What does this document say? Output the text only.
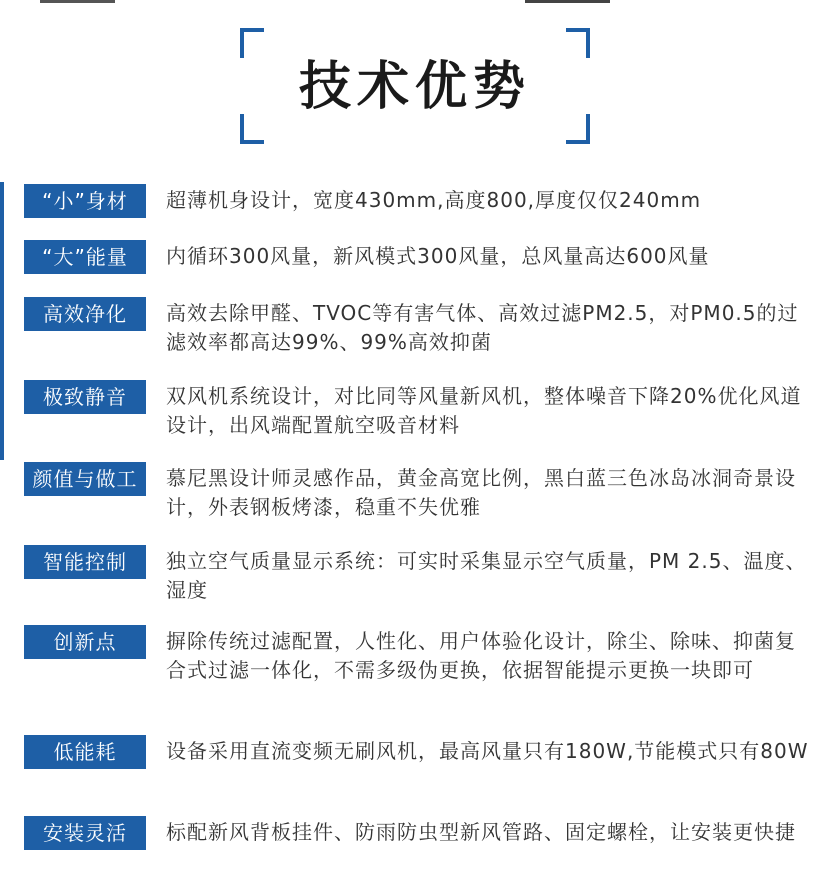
技术优势
“小”身材	超薄机身设计，宽度430mm,高度800,厚度仅仅240mm
“大”能量	内循环300风量，新风模式300风量，总风量高达600风量
高效净化	高效去除甲醛、TVOC等有害气体、高效过滤PM2.5，对PM0.5的过滤效率都高达99%、99%高效抑菌
极致静音	双风机系统设计，对比同等风量新风机，整体噪音下降20%优化风道设计，出风端配置航空吸音材料
颜值与做工	慕尼黑设计师灵感作品，黄金高宽比例，黑白蓝三色冰岛冰洞奇景设计，外表钢板烤漆，稳重不失优雅
智能控制	独立空气质量显示系统：可实时采集显示空气质量，PM 2.5、温度、湿度
创新点	摒除传统过滤配置，人性化、用户体验化设计，除尘、除味、抑菌复合式过滤一体化，不需多级伪更换，依据智能提示更换一块即可
低能耗	设备采用直流变频无刷风机，最高风量只有180W,节能模式只有80W
安装灵活	标配新风背板挂件、防雨防虫型新风管路、固定螺栓，让安装更快捷
